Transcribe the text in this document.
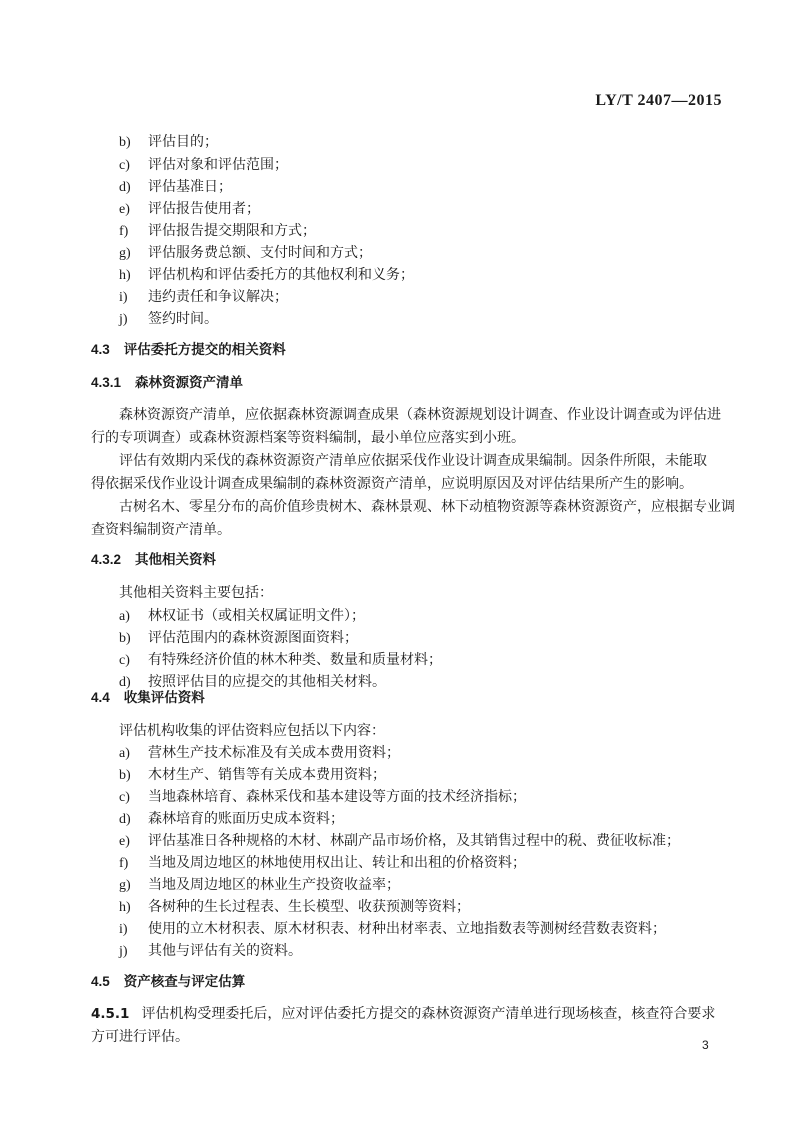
LY/T 2407—2015
b) 评估目的；
c) 评估对象和评估范围；
d) 评估基准日；
e) 评估报告使用者；
f) 评估报告提交期限和方式；
g) 评估服务费总额、支付时间和方式；
h) 评估机构和评估委托方的其他权利和义务；
i) 违约责任和争议解决；
j) 签约时间。
4.3 评估委托方提交的相关资料
4.3.1 森林资源资产清单
森林资源资产清单，应依据森林资源调查成果（森林资源规划设计调查、作业设计调查或为评估进
行的专项调查）或森林资源档案等资料编制，最小单位应落实到小班。
评估有效期内采伐的森林资源资产清单应依据采伐作业设计调查成果编制。因条件所限，未能取
得依据采伐作业设计调查成果编制的森林资源资产清单，应说明原因及对评估结果所产生的影响。
古树名木、零星分布的高价值珍贵树木、森林景观、林下动植物资源等森林资源资产，应根据专业调
查资料编制资产清单。
4.3.2 其他相关资料
其他相关资料主要包括：
a) 林权证书（或相关权属证明文件）；
b) 评估范围内的森林资源图面资料；
c) 有特殊经济价值的林木种类、数量和质量材料；
d) 按照评估目的应提交的其他相关材料。
4.4 收集评估资料
评估机构收集的评估资料应包括以下内容：
a) 营林生产技术标准及有关成本费用资料；
b) 木材生产、销售等有关成本费用资料；
c) 当地森林培育、森林采伐和基本建设等方面的技术经济指标；
d) 森林培育的账面历史成本资料；
e) 评估基准日各种规格的木材、林副产品市场价格，及其销售过程中的税、费征收标准；
f) 当地及周边地区的林地使用权出让、转让和出租的价格资料；
g) 当地及周边地区的林业生产投资收益率；
h) 各树种的生长过程表、生长模型、收获预测等资料；
i) 使用的立木材积表、原木材积表、材种出材率表、立地指数表等测树经营数表资料；
j) 其他与评估有关的资料。
4.5 资产核查与评定估算
4.5.1 评估机构受理委托后，应对评估委托方提交的森林资源资产清单进行现场核查，核查符合要求
方可进行评估。	3
